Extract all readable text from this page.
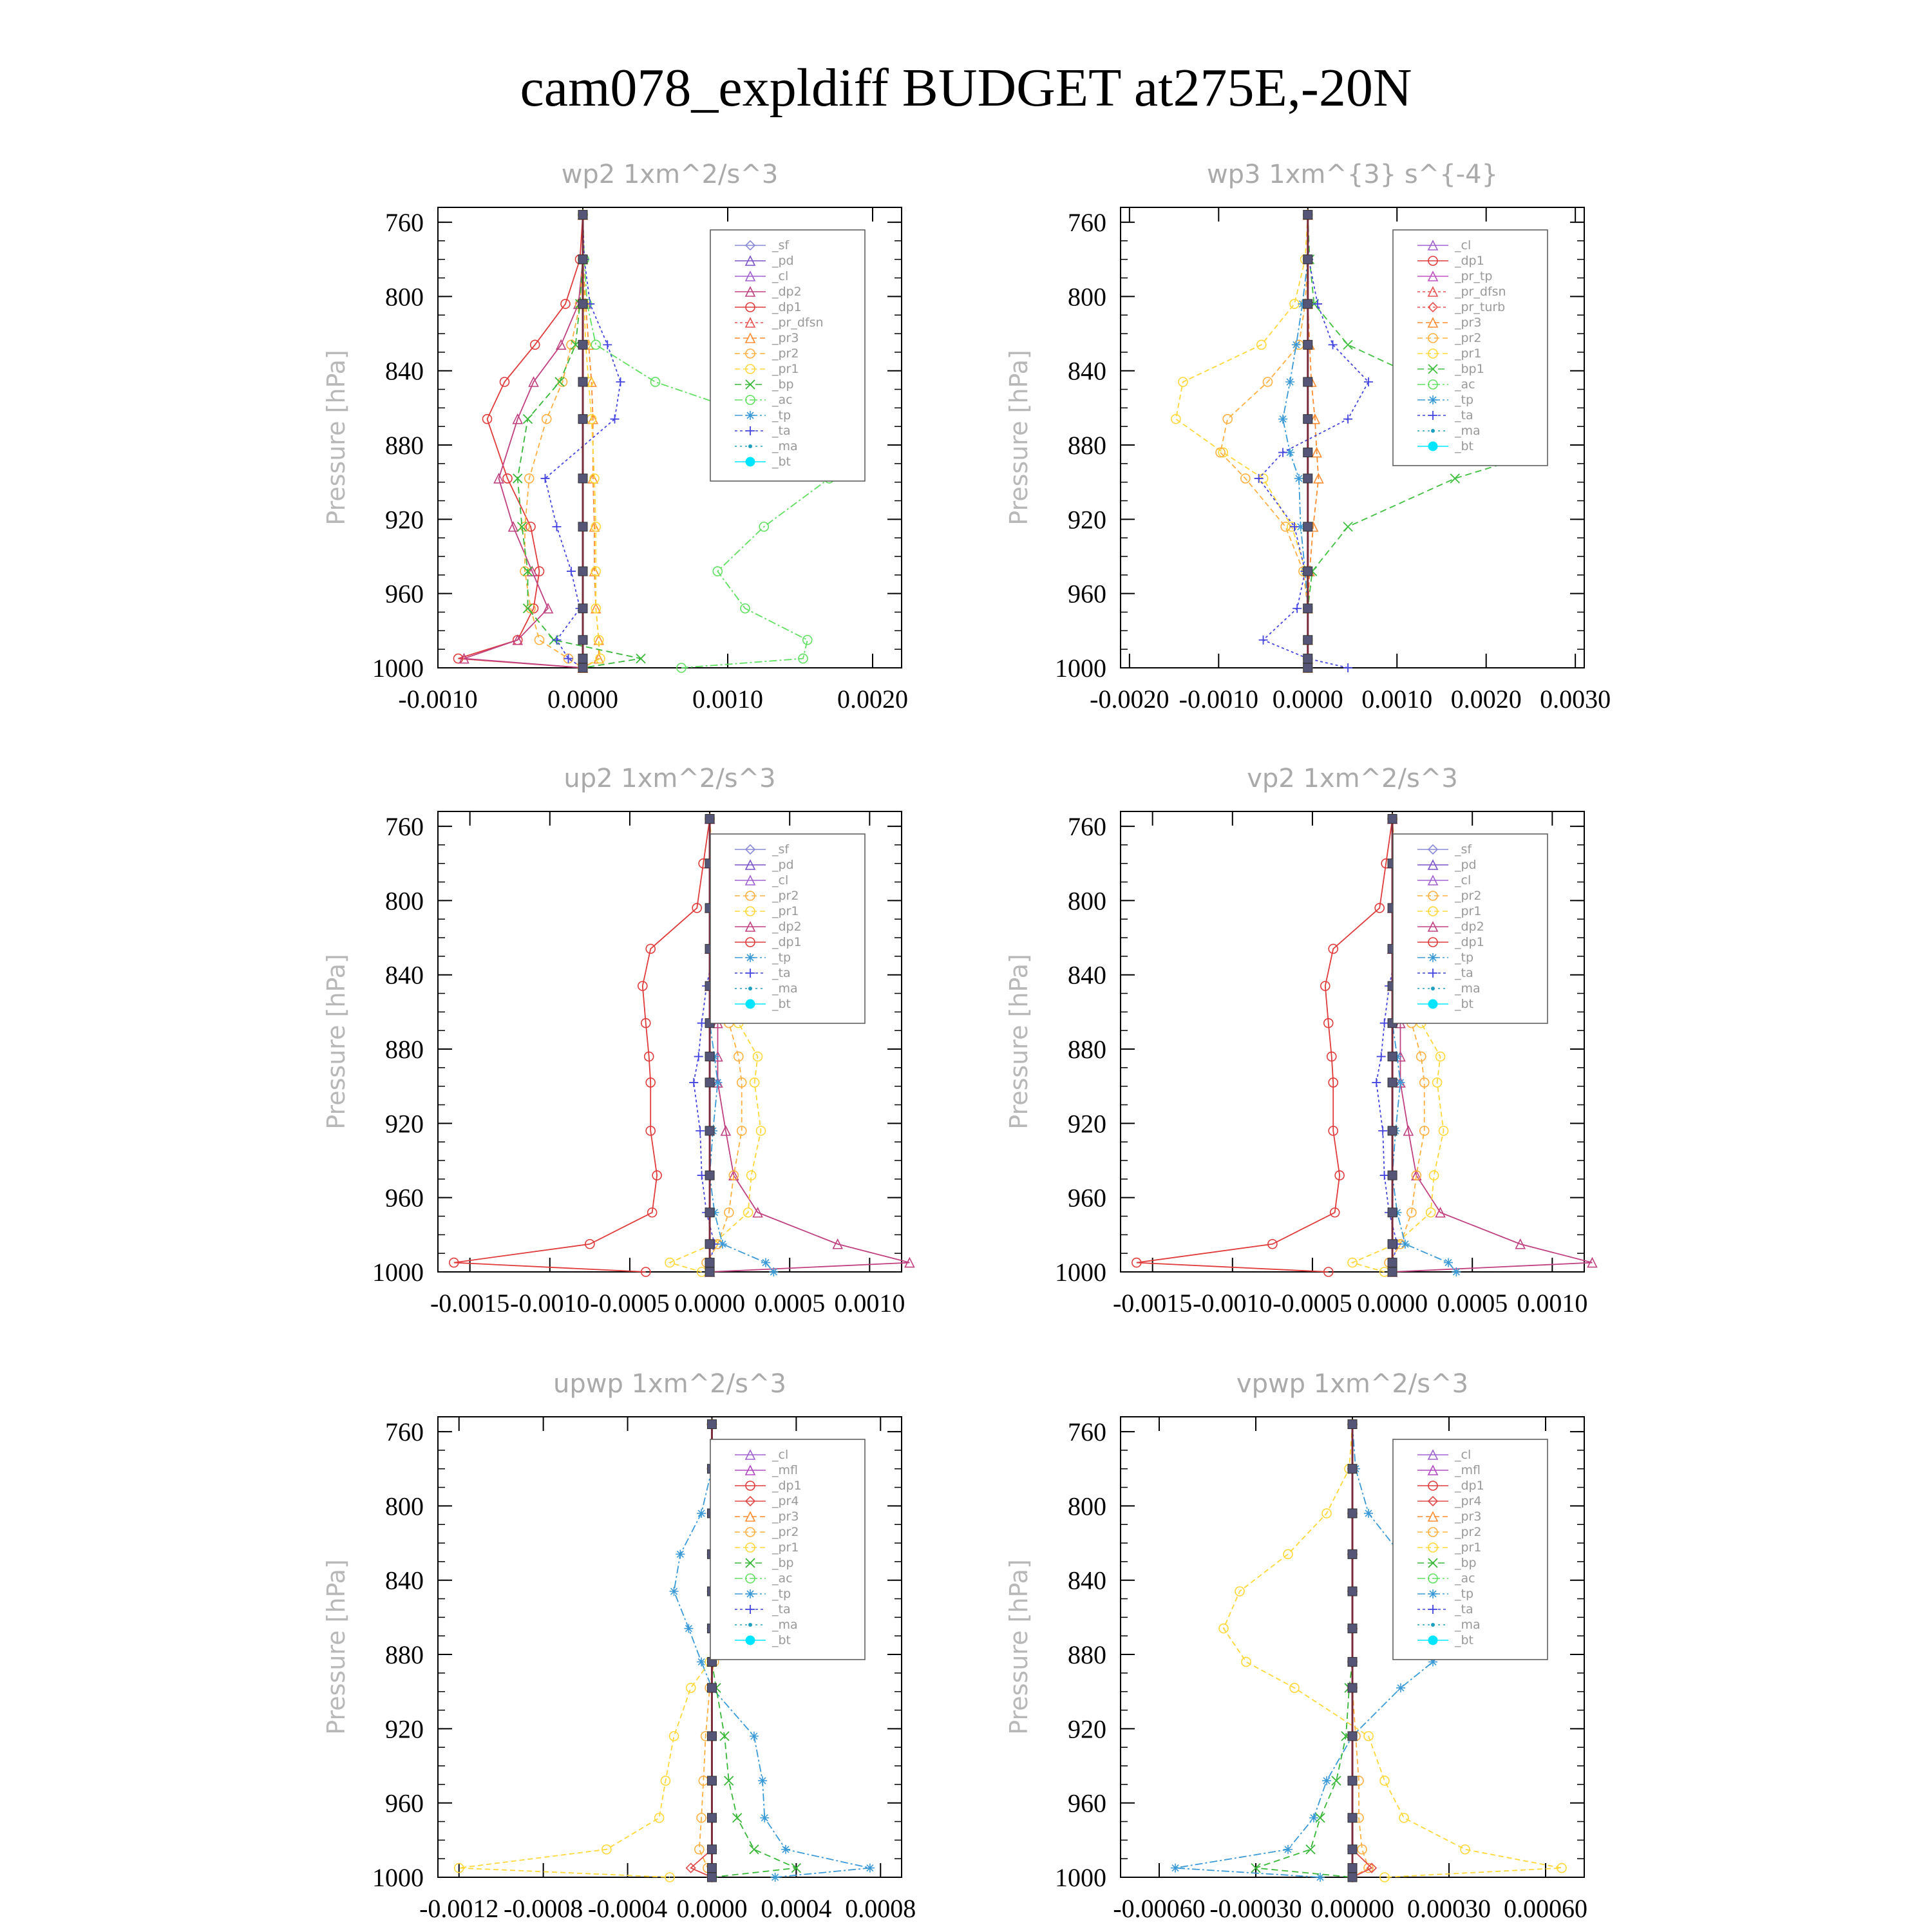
cam078_expldiff BUDGET at275E,-20N
wp2 1xm^2/s^3
Pressure [hPa]
760
800
840
880
920
960
1000
-0.0010	0.0000	0.0010	0.0020
_sf
_pd
_cl
_dp2
_dp1
_pr_dfsn
_pr3
_pr2
_pr1
_bp
_ac
_tp
_ta
_ma
_bt
wp3 1xm^{3} s^{-4}
Pressure [hPa]
760
800
840
880
920
960
1000
-0.0020 -0.0010 0.0000 0.0010 0.0020 0.0030
_cl
_dp1
_pr_tp
_pr_dfsn
_pr_turb
_pr3
_pr2
_pr1
_bp1
_ac
_tp
_ta
_ma
_bt
up2 1xm^2/s^3
Pressure [hPa]
760
800
840
880
920
960
1000
-0.0015 -0.0010 -0.0005 0.0000 0.0005 0.0010
_sf
_pd
_cl
_pr2
_pr1
_dp2
_dp1
_tp
_ta
_ma
_bt
vp2 1xm^2/s^3
Pressure [hPa]
760
800
840
880
920
960
1000
-0.0015 -0.0010 -0.0005 0.0000 0.0005 0.0010
_sf
_pd
_cl
_pr2
_pr1
_dp2
_dp1
_tp
_ta
_ma
_bt
upwp 1xm^2/s^3
Pressure [hPa]
760
800
840
880
920
960
1000
-0.0012 -0.0008 -0.0004 0.0000 0.0004 0.0008
_cl
_mfl
_dp1
_pr4
_pr3
_pr2
_pr1
_bp
_ac
_tp
_ta
_ma
_bt
vpwp 1xm^2/s^3
Pressure [hPa]
760
800
840
880
920
960
1000
-0.00060 -0.00030 0.00000 0.00030 0.00060
_cl
_mfl
_dp1
_pr4
_pr3
_pr2
_pr1
_bp
_ac
_tp
_ta
_ma
_bt
